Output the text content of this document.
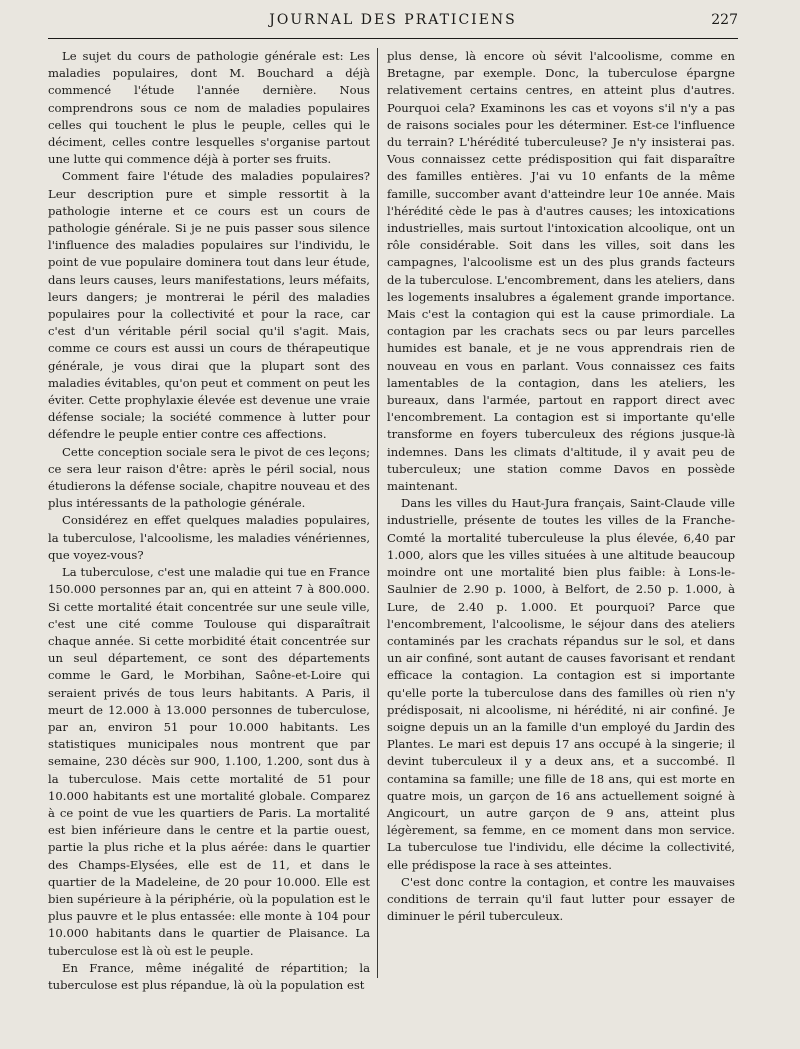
JOURNAL DES PRATICIENS	227

Le sujet du cours de pathologie générale est: Les maladies populaires, dont M. Bouchard a déjà commencé l'étude l'année dernière. Nous comprendrons sous ce nom de maladies populaires celles qui touchent le plus le peuple, celles qui le déciment, celles contre lesquelles s'organise partout une lutte qui commence déjà à porter ses fruits.

Comment faire l'étude des maladies populaires? Leur description pure et simple ressortit à la pathologie interne et ce cours est un cours de pathologie générale. Si je ne puis passer sous silence l'influence des maladies populaires sur l'individu, le point de vue populaire dominera tout dans leur étude, dans leurs causes, leurs manifestations, leurs méfaits, leurs dangers; je montrerai le péril des maladies populaires pour la collectivité et pour la race, car c'est d'un véritable péril social qu'il s'agit. Mais, comme ce cours est aussi un cours de thérapeutique générale, je vous dirai que la plupart sont des maladies évitables, qu'on peut et comment on peut les éviter. Cette prophylaxie élevée est devenue une vraie défense sociale; la société commence à lutter pour défendre le peuple entier contre ces affections.

Cette conception sociale sera le pivot de ces leçons; ce sera leur raison d'être: après le péril social, nous étudierons la défense sociale, chapitre nouveau et des plus intéressants de la pathologie générale.

Considérez en effet quelques maladies populaires, la tuberculose, l'alcoolisme, les maladies vénériennes, que voyez-vous?

La tuberculose, c'est une maladie qui tue en France 150.000 personnes par an, qui en atteint 7 à 800.000. Si cette mortalité était concentrée sur une seule ville, c'est une cité comme Toulouse qui disparaîtrait chaque année. Si cette morbidité était concentrée sur un seul département, ce sont des départements comme le Gard, le Morbihan, Saône-et-Loire qui seraient privés de tous leurs habitants. A Paris, il meurt de 12.000 à 13.000 personnes de tuberculose, par an, environ 51 pour 10.000 habitants. Les statistiques municipales nous montrent que par semaine, 230 décès sur 900, 1.100, 1.200, sont dus à la tuberculose. Mais cette mortalité de 51 pour 10.000 habitants est une mortalité globale. Comparez à ce point de vue les quartiers de Paris. La mortalité est bien inférieure dans le centre et la partie ouest, partie la plus riche et la plus aérée: dans le quartier des Champs-Elysées, elle est de 11, et dans le quartier de la Madeleine, de 20 pour 10.000. Elle est bien supérieure à la périphérie, où la population est le plus pauvre et le plus entassée: elle monte à 104 pour 10.000 habitants dans le quartier de Plaisance. La tuberculose est là où est le peuple.

En France, même inégalité de répartition; la tuberculose est plus répandue, là où la population est

plus dense, là encore où sévit l'alcoolisme, comme en Bretagne, par exemple. Donc, la tuberculose épargne relativement certains centres, en atteint plus d'autres. Pourquoi cela? Examinons les cas et voyons s'il n'y a pas de raisons sociales pour les déterminer. Est-ce l'influence du terrain? L'hérédité tuberculeuse? Je n'y insisterai pas. Vous connaissez cette prédisposition qui fait disparaître des familles entières. J'ai vu 10 enfants de la même famille, succomber avant d'atteindre leur 10e année. Mais l'hérédité cède le pas à d'autres causes; les intoxications industrielles, mais surtout l'intoxication alcoolique, ont un rôle considérable. Soit dans les villes, soit dans les campagnes, l'alcoolisme est un des plus grands facteurs de la tuberculose. L'encombrement, dans les ateliers, dans les logements insalubres a également grande importance. Mais c'est la contagion qui est la cause primordiale. La contagion par les crachats secs ou par leurs parcelles humides est banale, et je ne vous apprendrais rien de nouveau en vous en parlant. Vous connaissez ces faits lamentables de la contagion, dans les ateliers, les bureaux, dans l'armée, partout en rapport direct avec l'encombrement. La contagion est si importante qu'elle transforme en foyers tuberculeux des régions jusque-là indemnes. Dans les climats d'altitude, il y avait peu de tuberculeux; une station comme Davos en possède maintenant.

Dans les villes du Haut-Jura français, Saint-Claude ville industrielle, présente de toutes les villes de la Franche-Comté la mortalité tuberculeuse la plus élevée, 6,40 par 1.000, alors que les villes situées à une altitude beaucoup moindre ont une mortalité bien plus faible: à Lons-le-Saulnier de 2.90 p. 1000, à Belfort, de 2.50 p. 1.000, à Lure, de 2.40 p. 1.000. Et pourquoi? Parce que l'encombrement, l'alcoolisme, le séjour dans des ateliers contaminés par les crachats répandus sur le sol, et dans un air confiné, sont autant de causes favorisant et rendant efficace la contagion. La contagion est si importante qu'elle porte la tuberculose dans des familles où rien n'y prédisposait, ni alcoolisme, ni hérédité, ni air confiné. Je soigne depuis un an la famille d'un employé du Jardin des Plantes. Le mari est depuis 17 ans occupé à la singerie; il devint tuberculeux il y a deux ans, et a succombé. Il contamina sa famille; une fille de 18 ans, qui est morte en quatre mois, un garçon de 16 ans actuellement soigné à Angicourt, un autre garçon de 9 ans, atteint plus légèrement, sa femme, en ce moment dans mon service. La tuberculose tue l'individu, elle décime la collectivité, elle prédispose la race à ses atteintes.

C'est donc contre la contagion, et contre les mauvaises conditions de terrain qu'il faut lutter pour essayer de diminuer le péril tuberculeux.
